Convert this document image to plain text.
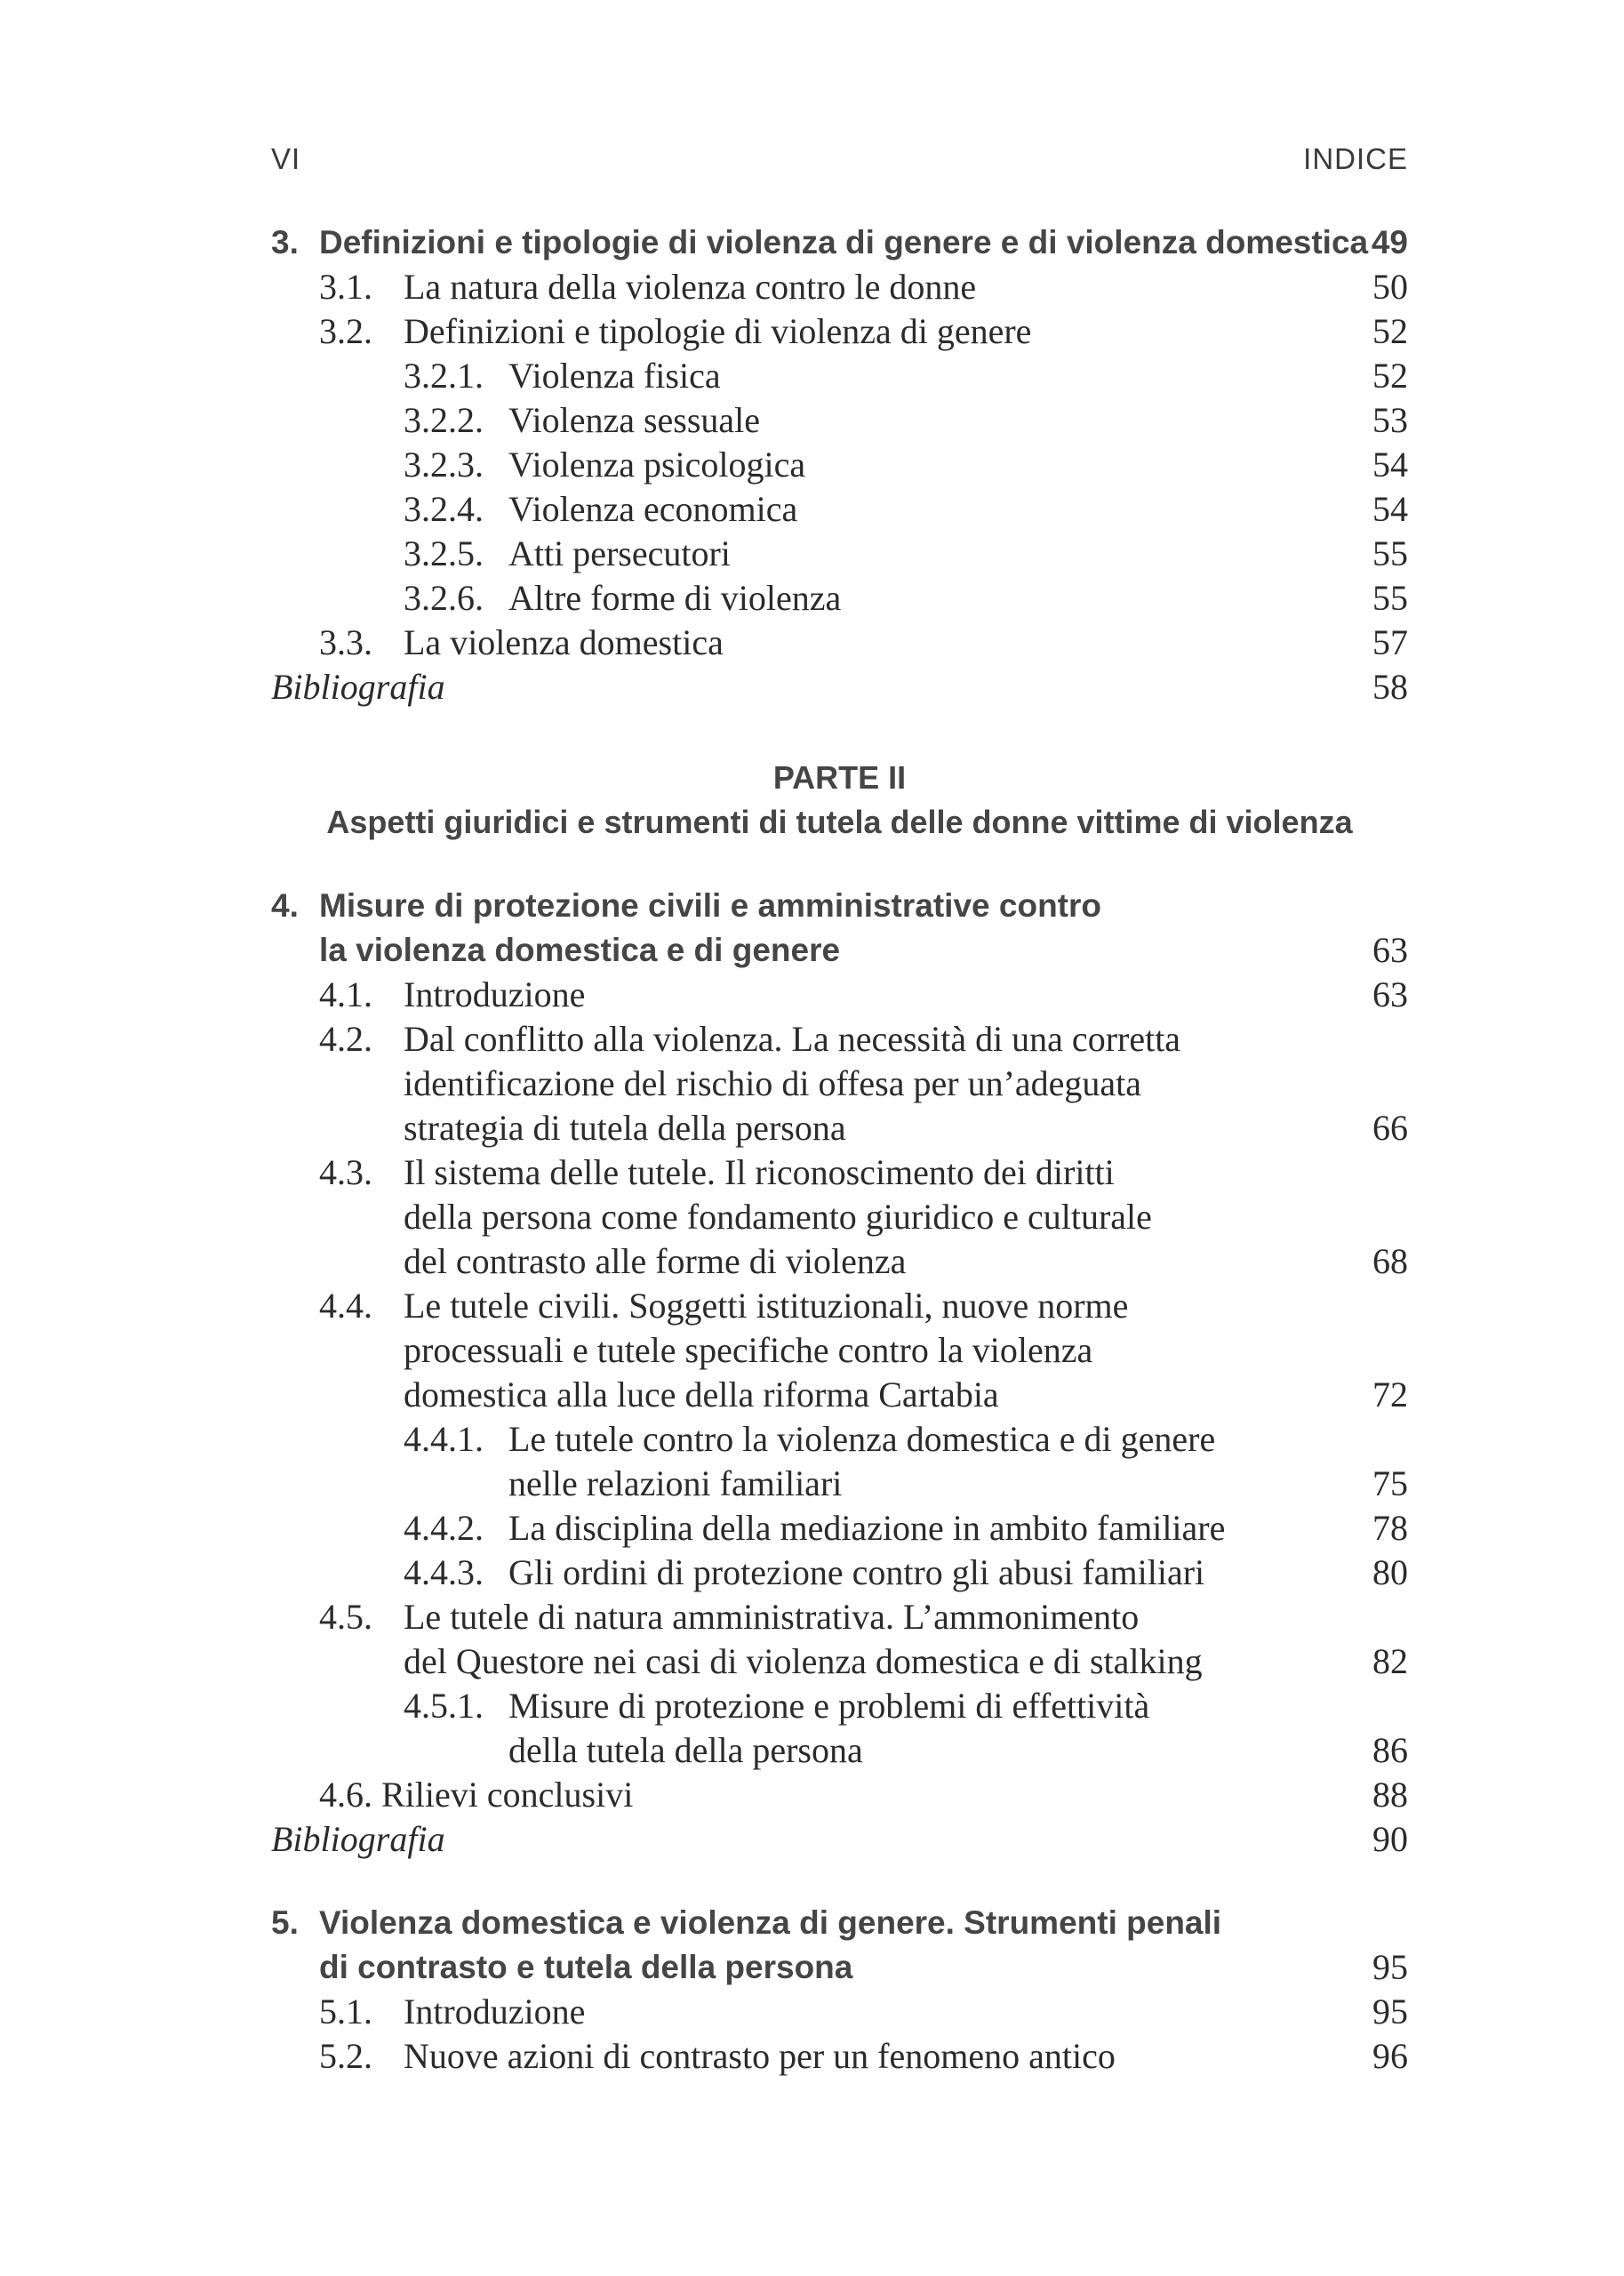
VI	INDICE
3. Definizioni e tipologie di violenza di genere e di violenza domestica 49
3.1. La natura della violenza contro le donne	50
3.2. Definizioni e tipologie di violenza di genere	52
3.2.1. Violenza fisica	52
3.2.2. Violenza sessuale	53
3.2.3. Violenza psicologica	54
3.2.4. Violenza economica	54
3.2.5. Atti persecutori	55
3.2.6. Altre forme di violenza	55
3.3. La violenza domestica	57
Bibliografia	58
PARTE II
Aspetti giuridici e strumenti di tutela delle donne vittime di violenza
4. Misure di protezione civili e amministrative contro
la violenza domestica e di genere	63
4.1. Introduzione	63
4.2. Dal conflitto alla violenza. La necessità di una corretta
identificazione del rischio di offesa per un’adeguata
strategia di tutela della persona	66
4.3. Il sistema delle tutele. Il riconoscimento dei diritti
della persona come fondamento giuridico e culturale
del contrasto alle forme di violenza	68
4.4. Le tutele civili. Soggetti istituzionali, nuove norme
processuali e tutele specifiche contro la violenza
domestica alla luce della riforma Cartabia	72
4.4.1. Le tutele contro la violenza domestica e di genere
nelle relazioni familiari	75
4.4.2. La disciplina della mediazione in ambito familiare	78
4.4.3. Gli ordini di protezione contro gli abusi familiari	80
4.5. Le tutele di natura amministrativa. L’ammonimento
del Questore nei casi di violenza domestica e di stalking	82
4.5.1. Misure di protezione e problemi di effettività
della tutela della persona	86
4.6. Rilievi conclusivi	88
Bibliografia	90
5. Violenza domestica e violenza di genere. Strumenti penali
di contrasto e tutela della persona	95
5.1. Introduzione	95
5.2. Nuove azioni di contrasto per un fenomeno antico	96
